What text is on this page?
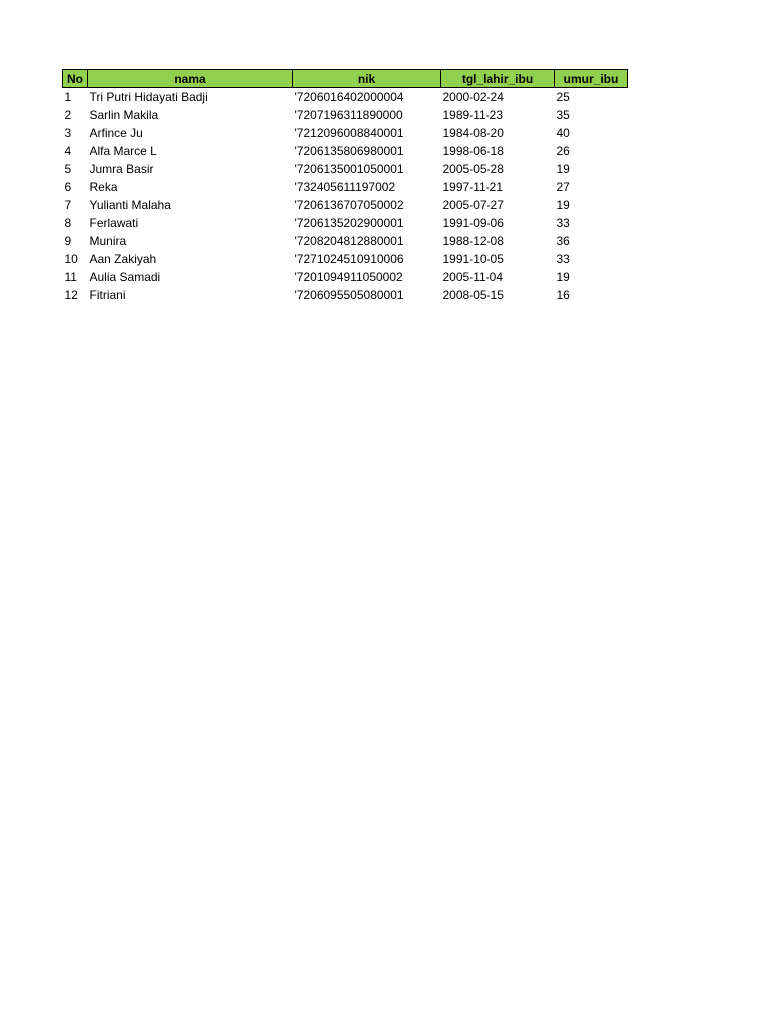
No	nama	nik	tgl_lahir_ibu	umur_ibu
1	Tri Putri Hidayati Badji	'7206016402000004	2000-02-24	25
2	Sarlin Makila	'7207196311890000	1989-11-23	35
3	Arfince Ju	'7212096008840001	1984-08-20	40
4	Alfa Marce L	'7206135806980001	1998-06-18	26
5	Jumra Basir	'7206135001050001	2005-05-28	19
6	Reka	'732405611197002	1997-11-21	27
7	Yulianti Malaha	'7206136707050002	2005-07-27	19
8	Ferlawati	'7206135202900001	1991-09-06	33
9	Munira	'7208204812880001	1988-12-08	36
10	Aan Zakiyah	'7271024510910006	1991-10-05	33
11	Aulia Samadi	'7201094911050002	2005-11-04	19
12	Fitriani	'7206095505080001	2008-05-15	16
